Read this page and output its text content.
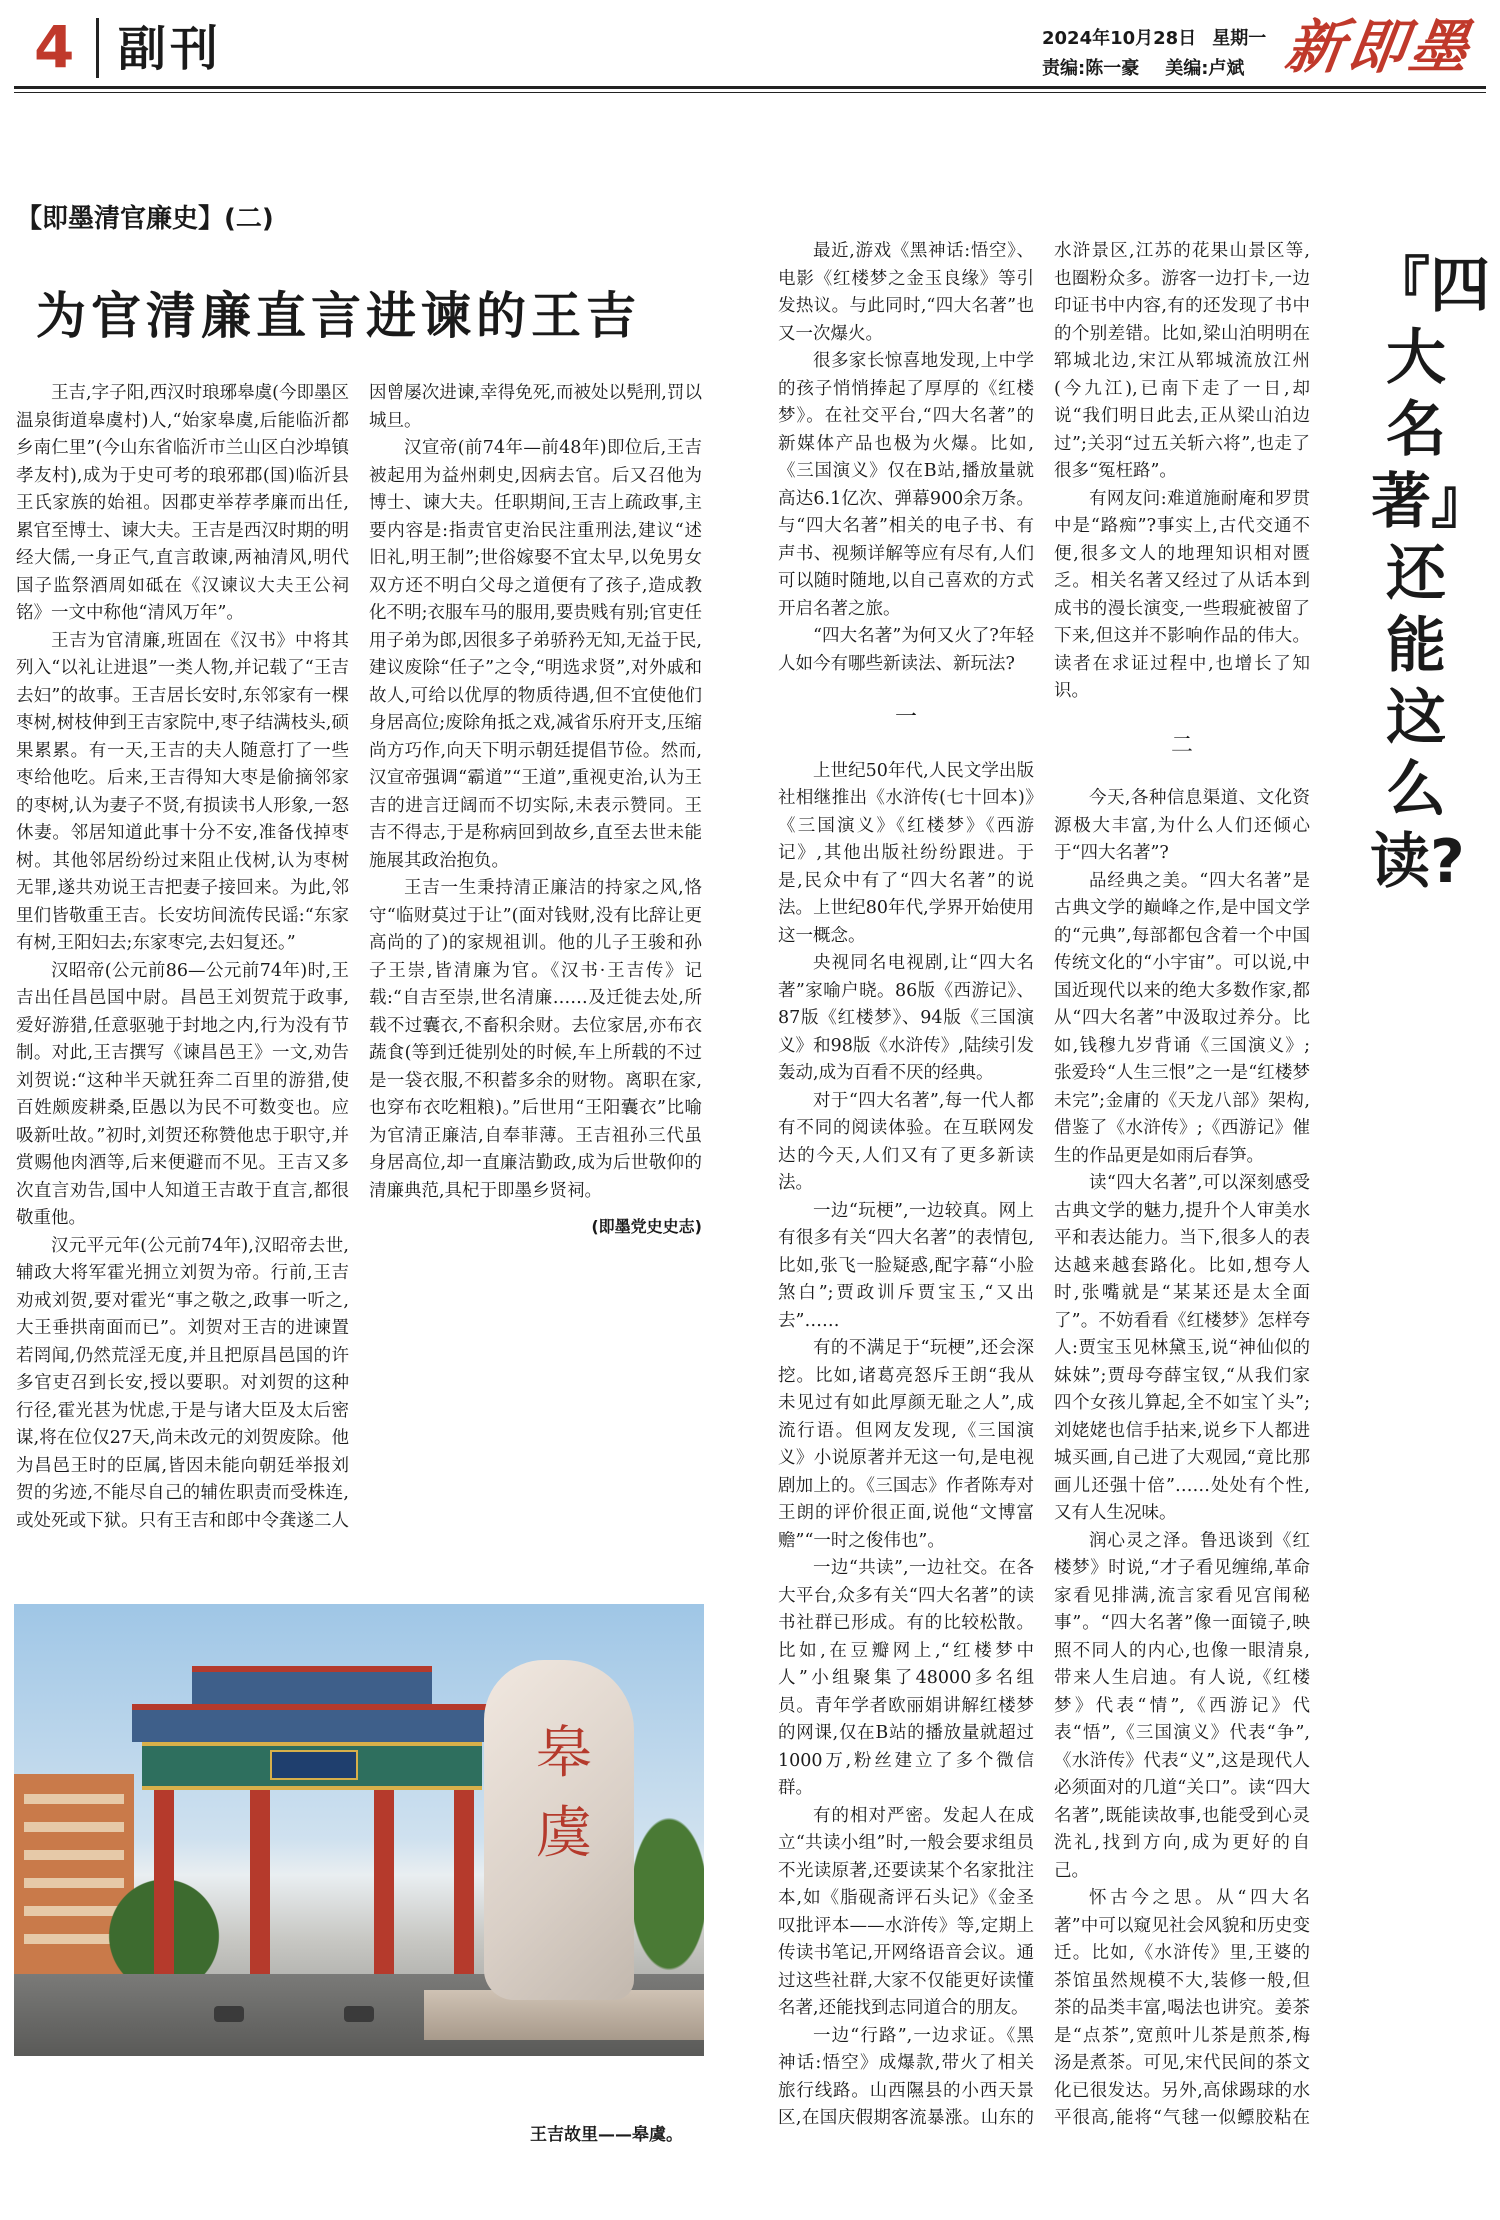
4 副刊	2024年10月28日 星期一
责编:陈一豪 美编:卢斌 新即墨
【即墨清官廉史】(二)
为官清廉直言进谏的王吉

王吉,字子阳,西汉时琅琊皋虞(今即墨区温泉街道皋虞村)人,“始家皋虞,后能临沂都乡南仁里”(今山东省临沂市兰山区白沙埠镇孝友村),成为于史可考的琅邪郡(国)临沂县王氏家族的始祖。因郡吏举荐孝廉而出任,累官至博士、谏大夫。王吉是西汉时期的明经大儒,一身正气,直言敢谏,两袖清风,明代国子监祭酒周如砥在《汉谏议大夫王公祠铭》一文中称他“清风万年”。

王吉为官清廉,班固在《汉书》中将其列入“以礼让进退”一类人物,并记载了“王吉去妇”的故事。王吉居长安时,东邻家有一棵枣树,树枝伸到王吉家院中,枣子结满枝头,硕果累累。有一天,王吉的夫人随意打了一些枣给他吃。后来,王吉得知大枣是偷摘邻家的枣树,认为妻子不贤,有损读书人形象,一怒休妻。邻居知道此事十分不安,准备伐掉枣树。其他邻居纷纷过来阻止伐树,认为枣树无罪,遂共劝说王吉把妻子接回来。为此,邻里们皆敬重王吉。长安坊间流传民谣:“东家有树,王阳妇去;东家枣完,去妇复还。”

汉昭帝(公元前86—公元前74年)时,王吉出任昌邑国中尉。昌邑王刘贺荒于政事,爱好游猎,任意驱驰于封地之内,行为没有节制。对此,王吉撰写《谏昌邑王》一文,劝告刘贺说:“这种半天就狂奔二百里的游猎,使百姓颇废耕桑,臣愚以为民不可数变也。应吸新吐故。”初时,刘贺还称赞他忠于职守,并赏赐他肉酒等,后来便避而不见。王吉又多次直言劝告,国中人知道王吉敢于直言,都很敬重他。

汉元平元年(公元前74年),汉昭帝去世,辅政大将军霍光拥立刘贺为帝。行前,王吉劝戒刘贺,要对霍光“事之敬之,政事一听之,大王垂拱南面而已”。刘贺对王吉的进谏置若罔闻,仍然荒淫无度,并且把原昌邑国的许多官吏召到长安,授以要职。对刘贺的这种行径,霍光甚为忧虑,于是与诸大臣及太后密谋,将在位仅27天,尚未改元的刘贺废除。他为昌邑王时的臣属,皆因未能向朝廷举报刘贺的劣迹,不能尽自己的辅佐职责而受株连,或处死或下狱。只有王吉和郎中令龚遂二人因曾屡次进谏,幸得免死,而被处以髡刑,罚以城旦。

汉宣帝(前74年—前48年)即位后,王吉被起用为益州刺史,因病去官。后又召他为博士、谏大夫。任职期间,王吉上疏政事,主要内容是:指责官吏治民注重刑法,建议“述旧礼,明王制”;世俗嫁娶不宜太早,以免男女双方还不明白父母之道便有了孩子,造成教化不明;衣服车马的服用,要贵贱有别;官吏任用子弟为郎,因很多子弟骄矜无知,无益于民,建议废除“任子”之令,“明选求贤”,对外戚和故人,可给以优厚的物质待遇,但不宜使他们身居高位;废除角抵之戏,减省乐府开支,压缩尚方巧作,向天下明示朝廷提倡节俭。然而,汉宣帝强调“霸道”“王道”,重视吏治,认为王吉的进言迂阔而不切实际,未表示赞同。王吉不得志,于是称病回到故乡,直至去世未能施展其政治抱负。

王吉一生秉持清正廉洁的持家之风,恪守“临财莫过于让”(面对钱财,没有比辞让更高尚的了)的家规祖训。他的儿子王骏和孙子王崇,皆清廉为官。《汉书·王吉传》记载:“自吉至崇,世名清廉……及迁徙去处,所载不过囊衣,不畜积余财。去位家居,亦布衣蔬食(等到迁徙别处的时候,车上所载的不过是一袋衣服,不积蓄多余的财物。离职在家,也穿布衣吃粗粮)。”后世用“王阳囊衣”比喻为官清正廉洁,自奉菲薄。王吉祖孙三代虽身居高位,却一直廉洁勤政,成为后世敬仰的清廉典范,具杞于即墨乡贤祠。

(即墨党史史志)

皋虞
王吉故里——皋虞。

最近,游戏《黑神话:悟空》、电影《红楼梦之金玉良缘》等引发热议。与此同时,“四大名著”也又一次爆火。

很多家长惊喜地发现,上中学的孩子悄悄捧起了厚厚的《红楼梦》。在社交平台,“四大名著”的新媒体产品也极为火爆。比如,《三国演义》仅在B站,播放量就高达6.1亿次、弹幕900余万条。与“四大名著”相关的电子书、有声书、视频详解等应有尽有,人们可以随时随地,以自己喜欢的方式开启名著之旅。

“四大名著”为何又火了?年轻人如今有哪些新读法、新玩法?

一

上世纪50年代,人民文学出版社相继推出《水浒传(七十回本)》《三国演义》《红楼梦》《西游记》,其他出版社纷纷跟进。于是,民众中有了“四大名著”的说法。上世纪80年代,学界开始使用这一概念。

央视同名电视剧,让“四大名著”家喻户晓。86版《西游记》、87版《红楼梦》、94版《三国演义》和98版《水浒传》,陆续引发轰动,成为百看不厌的经典。

对于“四大名著”,每一代人都有不同的阅读体验。在互联网发达的今天,人们又有了更多新读法。

一边“玩梗”,一边较真。网上有很多有关“四大名著”的表情包,比如,张飞一脸疑惑,配字幕“小脸煞白”;贾政训斥贾宝玉,“又出去”……

有的不满足于“玩梗”,还会深挖。比如,诸葛亮怒斥王朗“我从未见过有如此厚颜无耻之人”,成流行语。但网友发现,《三国演义》小说原著并无这一句,是电视剧加上的。《三国志》作者陈寿对王朗的评价很正面,说他“文博富赡”“一时之俊伟也”。

一边“共读”,一边社交。在各大平台,众多有关“四大名著”的读书社群已形成。有的比较松散。比如,在豆瓣网上,“红楼梦中人”小组聚集了48000多名组员。青年学者欧丽娟讲解红楼梦的网课,仅在B站的播放量就超过1000万,粉丝建立了多个微信群。

有的相对严密。发起人在成立“共读小组”时,一般会要求组员不光读原著,还要读某个名家批注本,如《脂砚斋评石头记》《金圣叹批评本——水浒传》等,定期上传读书笔记,开网络语音会议。通过这些社群,大家不仅能更好读懂名著,还能找到志同道合的朋友。

一边“行路”,一边求证。《黑神话:悟空》成爆款,带火了相关旅行线路。山西隰县的小西天景区,在国庆假期客流暴涨。山东的水浒景区,江苏的花果山景区等,也圈粉众多。游客一边打卡,一边印证书中内容,有的还发现了书中的个别差错。比如,梁山泊明明在郓城北边,宋江从郓城流放江州(今九江),已南下走了一日,却说“我们明日此去,正从梁山泊边过”;关羽“过五关斩六将”,也走了很多“冤枉路”。

有网友问:难道施耐庵和罗贯中是“路痴”?事实上,古代交通不便,很多文人的地理知识相对匮乏。相关名著又经过了从话本到成书的漫长演变,一些瑕疵被留了下来,但这并不影响作品的伟大。读者在求证过程中,也增长了知识。

二

今天,各种信息渠道、文化资源极大丰富,为什么人们还倾心于“四大名著”?

品经典之美。“四大名著”是古典文学的巅峰之作,是中国文学的“元典”,每部都包含着一个中国传统文化的“小宇宙”。可以说,中国近现代以来的绝大多数作家,都从“四大名著”中汲取过养分。比如,钱穆九岁背诵《三国演义》;张爱玲“人生三恨”之一是“红楼梦未完”;金庸的《天龙八部》架构,借鉴了《水浒传》;《西游记》催生的作品更是如雨后春笋。

读“四大名著”,可以深刻感受古典文学的魅力,提升个人审美水平和表达能力。当下,很多人的表达越来越套路化。比如,想夸人时,张嘴就是“某某还是太全面了”。不妨看看《红楼梦》怎样夸人:贾宝玉见林黛玉,说“神仙似的妹妹”;贾母夸薛宝钗,“从我们家四个女孩儿算起,全不如宝丫头”;刘姥姥也信手拈来,说乡下人都进城买画,自己进了大观园,“竟比那画儿还强十倍”……处处有个性,又有人生况味。

润心灵之泽。鲁迅谈到《红楼梦》时说,“才子看见缠绵,革命家看见排满,流言家看见宫闱秘事”。“四大名著”像一面镜子,映照不同人的内心,也像一眼清泉,带来人生启迪。有人说,《红楼梦》代表“情”,《西游记》代表“悟”,《三国演义》代表“争”,《水浒传》代表“义”,这是现代人必须面对的几道“关口”。读“四大名著”,既能读故事,也能受到心灵洗礼,找到方向,成为更好的自己。

怀古今之思。从“四大名著”中可以窥见社会风貌和历史变迁。比如,《水浒传》里,王婆的茶馆虽然规模不大,装修一般,但茶的品类丰富,喝法也讲究。姜茶是“点茶”,宽煎叶儿茶是煎茶,梅汤是煮茶。可见,宋代民间的茶文化已很发达。另外,高俅踢球的水平很高,能将“气毬一似鳔胶粘在

『四大名著』还能这么读?
